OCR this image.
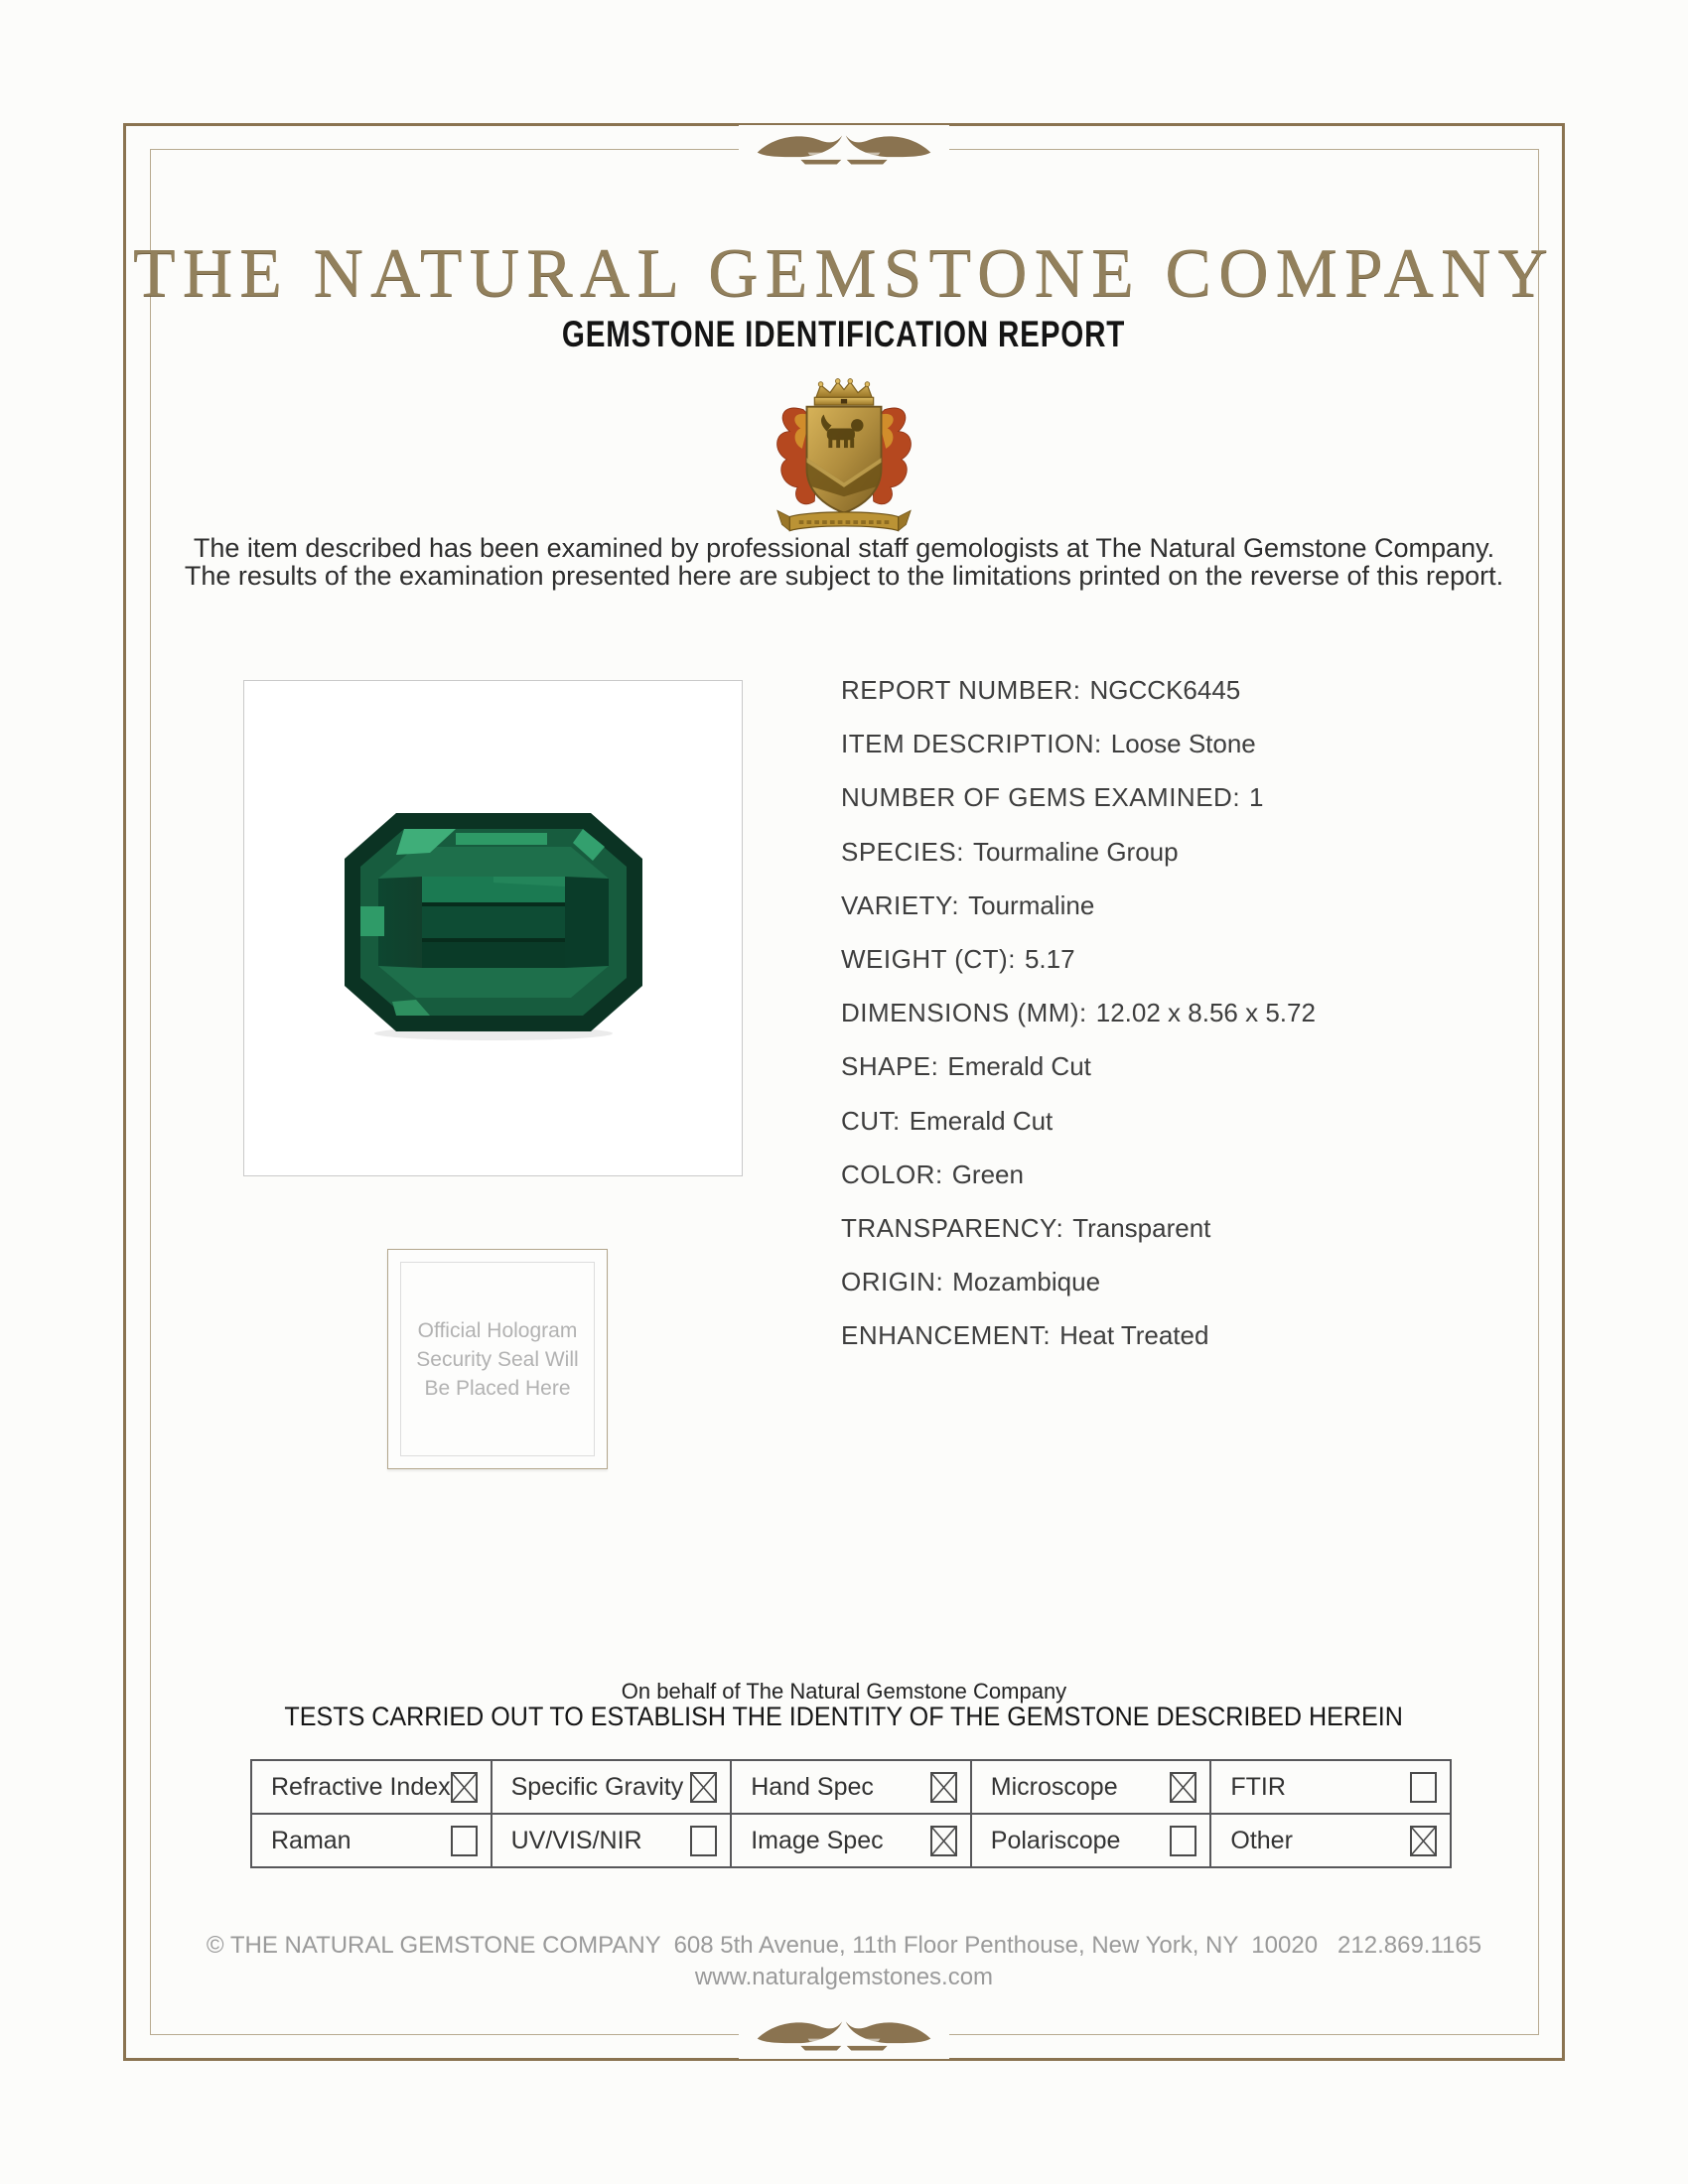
THE NATURAL GEMSTONE COMPANY
GEMSTONE IDENTIFICATION REPORT
The item described has been examined by professional staff gemologists at The Natural Gemstone Company.
The results of the examination presented here are subject to the limitations printed on the reverse of this report.
REPORT NUMBER: NGCCK6445
ITEM DESCRIPTION: Loose Stone
NUMBER OF GEMS EXAMINED: 1
SPECIES: Tourmaline Group
VARIETY: Tourmaline
WEIGHT (CT): 5.17
DIMENSIONS (MM): 12.02 x 8.56 x 5.72
SHAPE: Emerald Cut
CUT: Emerald Cut
COLOR: Green
TRANSPARENCY: Transparent
ORIGIN: Mozambique
ENHANCEMENT: Heat Treated
Official Hologram
Security Seal Will
Be Placed Here
On behalf of The Natural Gemstone Company
TESTS CARRIED OUT TO ESTABLISH THE IDENTITY OF THE GEMSTONE DESCRIBED HEREIN
Refractive Index	Specific Gravity	Hand Spec	Microscope	FTIR

Raman	UV/VIS/NIR	Image Spec	Polariscope	Other
© THE NATURAL GEMSTONE COMPANY  608 5th Avenue, 11th Floor Penthouse, New York, NY  10020   212.869.1165
www.naturalgemstones.com
